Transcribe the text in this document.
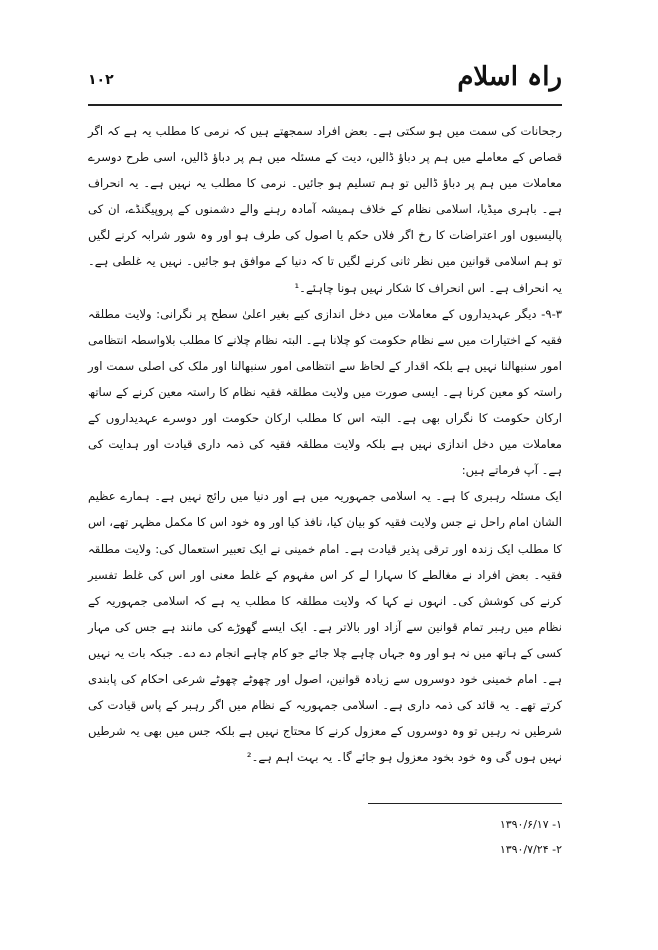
راہ اسلام
۱۰۲

رجحانات کی سمت میں ہو سکتی ہے۔ بعض افراد سمجھتے ہیں کہ نرمی کا مطلب یہ ہے کہ اگر قصاص کے معاملے میں ہم پر دباؤ ڈالیں، دیت کے مسئلہ میں ہم پر دباؤ ڈالیں، اسی طرح دوسرے معاملات میں ہم پر دباؤ ڈالیں تو ہم تسلیم ہو جائیں۔ نرمی کا مطلب یہ نہیں ہے۔ یہ انحراف ہے۔ باہری میڈیا، اسلامی نظام کے خلاف ہمیشہ آمادہ رہنے والے دشمنوں کے پروپیگنڈے، ان کی پالیسیوں اور اعتراضات کا رخ اگر فلاں حکم یا اصول کی طرف ہو اور وہ شور شرابہ کرنے لگیں تو ہم اسلامی قوانین میں نظر ثانی کرنے لگیں تا کہ دنیا کے موافق ہو جائیں۔ نہیں یہ غلطی ہے۔ یہ انحراف ہے۔ اس انحراف کا شکار نہیں ہونا چاہئے۔¹

۹-۳- دیگر عہدیداروں کے معاملات میں دخل اندازی کیے بغیر اعلیٰ سطح پر نگرانی: ولایت مطلقہ فقیہ کے اختیارات میں سے نظام حکومت کو چلانا ہے۔ البتہ نظام چلانے کا مطلب بلاواسطہ انتظامی امور سنبھالنا نہیں ہے بلکہ اقدار کے لحاظ سے انتظامی امور سنبھالنا اور ملک کی اصلی سمت اور راستہ کو معین کرنا ہے۔ ایسی صورت میں ولایت مطلقہ فقیہ نظام کا راستہ معین کرنے کے ساتھ ارکان حکومت کا نگراں بھی ہے۔ البتہ اس کا مطلب ارکان حکومت اور دوسرے عہدیداروں کے معاملات میں دخل اندازی نہیں ہے بلکہ ولایت مطلقہ فقیہ کی ذمہ داری قیادت اور ہدایت کی ہے۔ آپ فرماتے ہیں:

ایک مسئلہ رہبری کا ہے۔ یہ اسلامی جمہوریہ میں ہے اور دنیا میں رائج نہیں ہے۔ ہمارے عظیم الشان امام راحل نے جس ولایت فقیہ کو بیان کیا، نافذ کیا اور وہ خود اس کا مکمل مظہر تھے، اس کا مطلب ایک زندہ اور ترقی پذیر قیادت ہے۔ امام خمینی نے ایک تعبیر استعمال کی: ولایت مطلقہ فقیہ۔ بعض افراد نے مغالطے کا سہارا لے کر اس مفہوم کے غلط معنی اور اس کی غلط تفسیر کرنے کی کوشش کی۔ انہوں نے کہا کہ ولایت مطلقہ کا مطلب یہ ہے کہ اسلامی جمہوریہ کے نظام میں رہبر تمام قوانین سے آزاد اور بالاتر ہے۔ ایک ایسے گھوڑے کی مانند ہے جس کی مہار کسی کے ہاتھ میں نہ ہو اور وہ جہاں چاہے چلا جائے جو کام چاہے انجام دے دے۔ جبکہ بات یہ نہیں ہے۔ امام خمینی خود دوسروں سے زیادہ قوانین، اصول اور چھوٹے چھوٹے شرعی احکام کی پابندی کرتے تھے۔ یہ قائد کی ذمہ داری ہے۔ اسلامی جمہوریہ کے نظام میں اگر رہبر کے پاس قیادت کی شرطیں نہ رہیں تو وہ دوسروں کے معزول کرنے کا محتاج نہیں ہے بلکہ جس میں بھی یہ شرطیں نہیں ہوں گی وہ خود بخود معزول ہو جائے گا۔ یہ بہت اہم ہے۔²

۱- ۱۳۹۰/۶/۱۷

۲- ۱۳۹۰/۷/۲۴
